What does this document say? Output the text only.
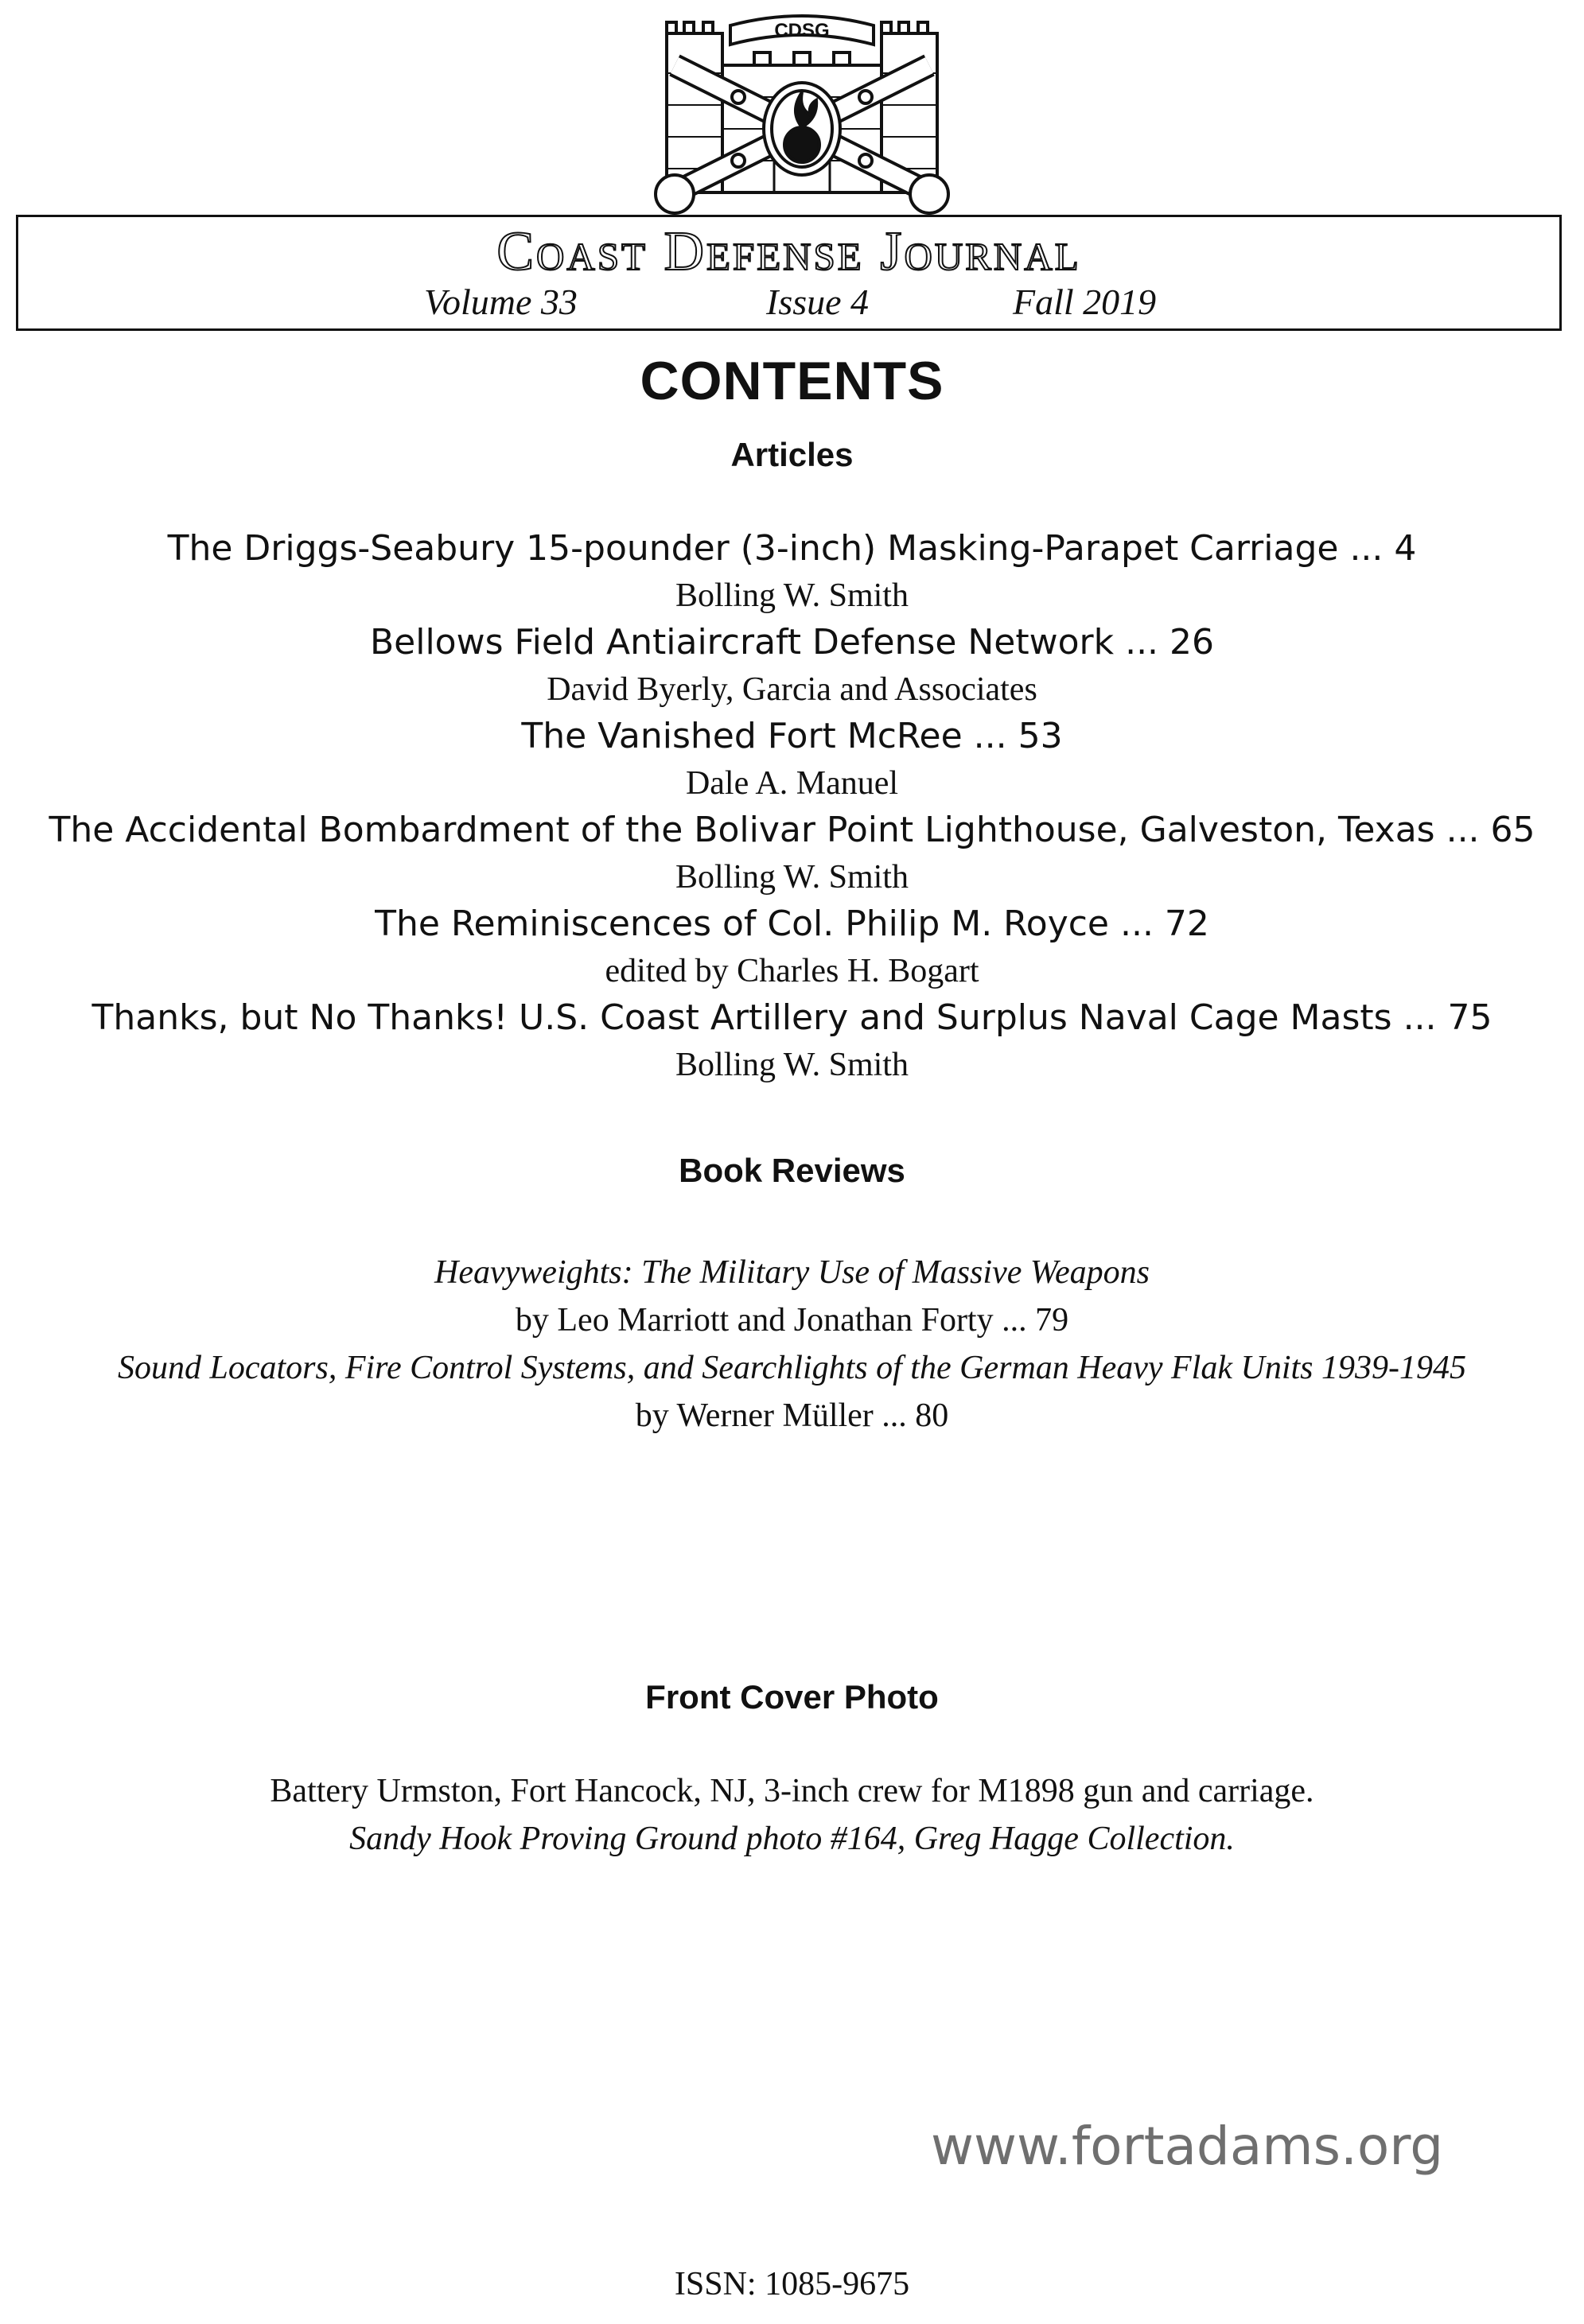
CDSG
Coast Defense Journal
Volume 33	Issue 4	Fall 2019
CONTENTS
Articles
The Driggs-Seabury 15-pounder (3-inch) Masking-Parapet Carriage ... 4
Bolling W. Smith
Bellows Field Antiaircraft Defense Network ... 26
David Byerly, Garcia and Associates
The Vanished Fort McRee ... 53
Dale A. Manuel
The Accidental Bombardment of the Bolivar Point Lighthouse, Galveston, Texas ... 65
Bolling W. Smith
The Reminiscences of Col. Philip M. Royce ... 72
edited by Charles H. Bogart
Thanks, but No Thanks! U.S. Coast Artillery and Surplus Naval Cage Masts ... 75
Bolling W. Smith
Book Reviews
Heavyweights: The Military Use of Massive Weapons
by Leo Marriott and Jonathan Forty ... 79
Sound Locators, Fire Control Systems, and Searchlights of the German Heavy Flak Units 1939-1945
by Werner Müller ... 80
Front Cover Photo
Battery Urmston, Fort Hancock, NJ, 3-inch crew for M1898 gun and carriage.
Sandy Hook Proving Ground photo #164, Greg Hagge Collection.
www.fortadams.org
ISSN: 1085-9675
